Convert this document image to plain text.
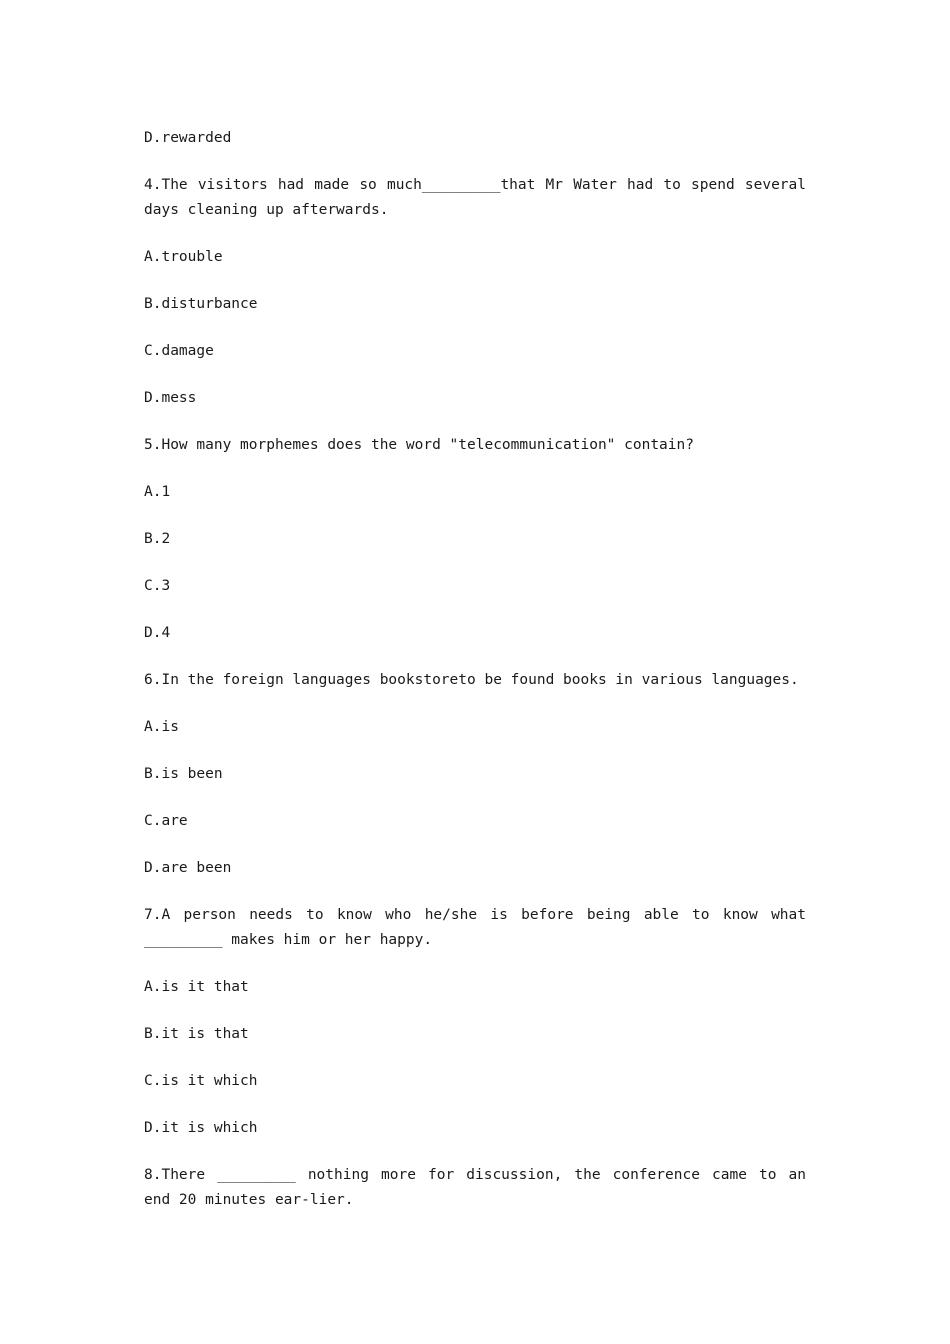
D.rewarded

4.The visitors had made so much_________that Mr Water had to spend several days cleaning up afterwards.

A.trouble

B.disturbance

C.damage

D.mess

5.How many morphemes does the word "telecommunication" contain?

A.1

B.2

C.3

D.4

6.In the foreign languages bookstoreto be found books in various languages.

A.is

B.is been

C.are

D.are been

7.A person needs to know who he/she is before being able to know what _________ makes him or her happy.

A.is it that

B.it is that

C.is it which

D.it is which

8.There _________ nothing more for discussion, the conference came to an end 20 minutes ear-lier.
